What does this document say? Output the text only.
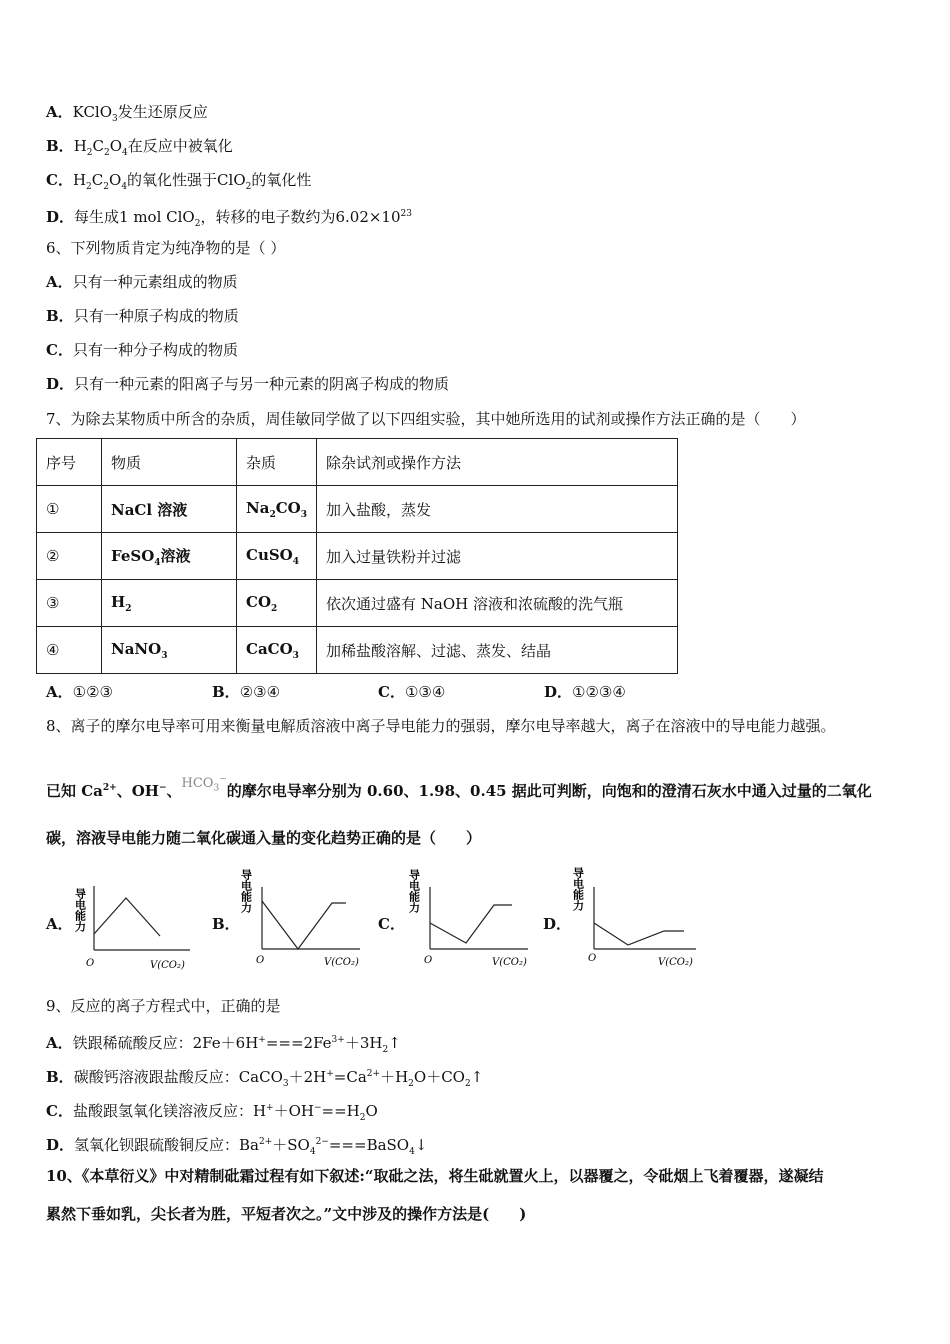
A．KClO$_3$发生还原反应
B．$H_2C_2O_4$在反应中被氧化
C．$H_2C_2O_4$的氧化性强于ClO$_2$的氧化性
D．每生成1 mol ClO$_2$，转移的电子数约为$6.02\times 10^{23}$
6、下列物质肯定为纯净物的是（ ）
A．只有一种元素组成的物质
B．只有一种原子构成的物质
C．只有一种分子构成的物质
D．只有一种元素的阳离子与另一种元素的阴离子构成的物质
7、为除去某物质中所含的杂质，周佳敏同学做了以下四组实验，其中她所选用的试剂或操作方法正确的是（　　）
序号	物质	杂质	除杂试剂或操作方法
①	NaCl 溶液	$Na_2CO_3$	加入盐酸，蒸发
②	FeSO$_4$溶液	CuSO$_4$	加入过量铁粉并过滤
③	$H_2$	$CO_2$	依次通过盛有 NaOH 溶液和浓硫酸的洗气瓶
④	NaNO$_3$	CaCO$_3$	加稀盐酸溶解、过滤、蒸发、结晶
A．①②③	B．②③④	C．①③④	D．①②③④
8、离子的摩尔电导率可用来衡量电解质溶液中离子导电能力的强弱，摩尔电导率越大，离子在溶液中的导电能力越强。
已知 $Ca^{2+}$、OH−、$HCO_3^-$的摩尔电导率分别为 0.60、1.98、0.45 据此可判断，向饱和的澄清石灰水中通入过量的二氧化
碳，溶液导电能力随二氧化碳通入量的变化趋势正确的是（　　）
A． 导电能力
O	V(CO₂)
B．
导电能力
O	V(CO₂)
C．
导电能力
O	V(CO₂)
D．
导电能力
O	V(CO₂)
9、反应的离子方程式中，正确的是
A．铁跟稀硫酸反应：$2Fe+6H^+===2Fe^{3+}+3H_2↑$
B．碳酸钙溶液跟盐酸反应：$CaCO_3+2H^+=Ca^{2+}+H_2O+CO_2↑$
C．盐酸跟氢氧化镁溶液反应：$H^++OH^-==H_2O$
D．氢氧化钡跟硫酸铜反应：$Ba^{2+}+SO_4^{2-}===BaSO_4↓$
10、《本草衍义》中对精制砒霜过程有如下叙述:“取砒之法，将生砒就置火上，以器覆之，令砒烟上飞着覆器，遂凝结
累然下垂如乳，尖长者为胜，平短者次之。”文中涉及的操作方法是(　　)
